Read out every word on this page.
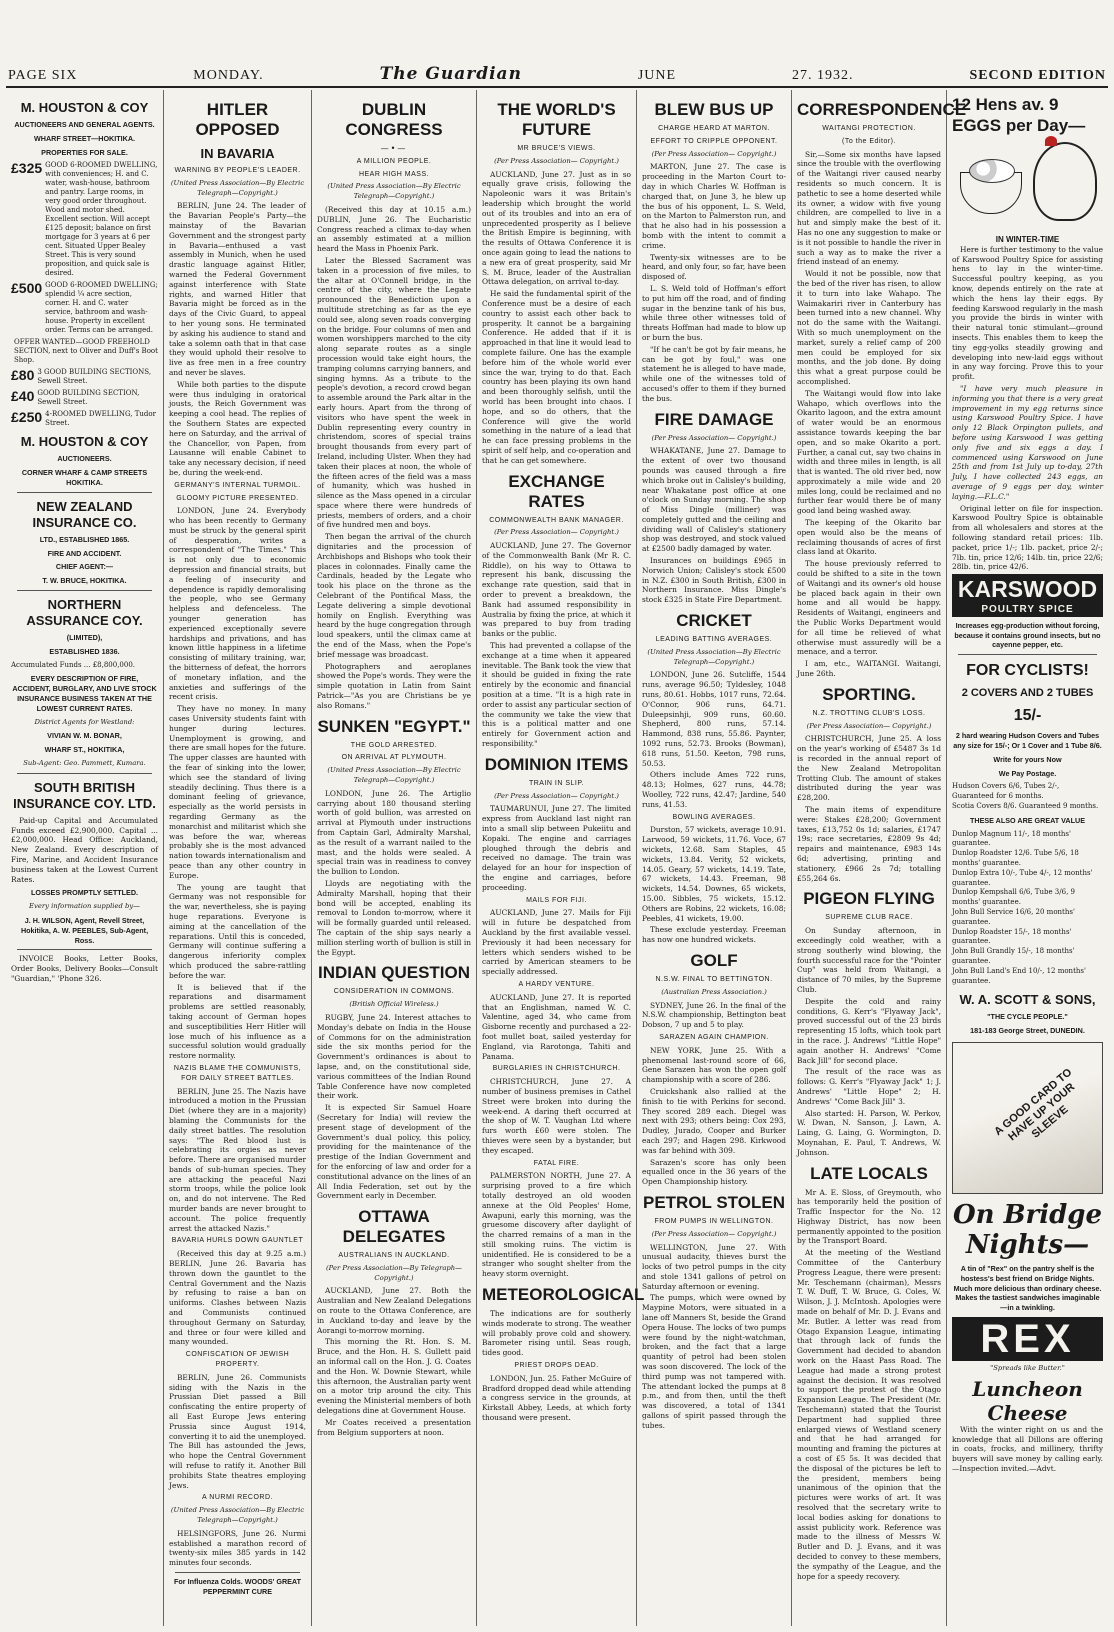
PAGE SIX	MONDAY.	The Guardian	JUNE	27. 1932.	SECOND EDITION
M. HOUSTON & COY
AUCTIONEERS AND GENERAL AGENTS.
WHARF STREET—HOKITIKA.
PROPERTIES FOR SALE.
£325 GOOD 6-ROOMED DWELLING, with conveniences; H. and C. water, wash-house, bathroom and pantry. Large rooms, in very good order throughout. Wood and motor shed. Excellent section. Will accept £125 deposit; balance on first mortgage for 3 years at 6 per cent. Situated Upper Bealey Street. This is very sound proposition, and quick sale is desired.
£500 GOOD 6-ROOMED DWELLING; splendid ¼ acre section, corner. H. and C. water service, bathroom and wash-house. Property in excellent order. Terms can be arranged.
OFFER WANTED—GOOD FREEHOLD SECTION, next to Oliver and Duff's Boot Shop.
£80 3 GOOD BUILDING SECTIONS, Sewell Street.
£40 GOOD BUILDING SECTION, Sewell Street.
£250 4-ROOMED DWELLING, Tudor Street.
M. HOUSTON & COY
AUCTIONEERS.
CORNER WHARF & CAMP STREETS HOKITIKA.
NEW ZEALAND INSURANCE CO.
LTD., ESTABLISHED 1865.
FIRE AND ACCIDENT.
CHIEF AGENT:—
T. W. BRUCE, HOKITIKA.
NORTHERN ASSURANCE COY.
(LIMITED),
ESTABLISHED 1836.
Accumulated Funds ... £8,800,000.
EVERY DESCRIPTION OF FIRE, ACCIDENT, BURGLARY, AND LIVE STOCK INSURANCE BUSINESS TAKEN AT THE LOWEST CURRENT RATES.
District Agents for Westland:
VIVIAN W. M. BONAR,
WHARF ST., HOKITIKA,
Sub-Agent: Geo. Pammett, Kumara.
SOUTH BRITISH INSURANCE COY. LTD.
Paid-up Capital and Accumulated Funds exceed £2,900,000. Capital ... £2,000,000. Head Office: Auckland, New Zealand. Every description of Fire, Marine, and Accident Insurance business taken at the Lowest Current Rates.
LOSSES PROMPTLY SETTLED.
Every information supplied by—
J. H. WILSON, Agent, Revell Street, Hokitika, A. W. PEEBLES, Sub-Agent, Ross.
INVOICE Books, Letter Books, Order Books, Delivery Books—Consult "Guardian," 'Phone 326.
HITLER OPPOSED
IN BAVARIA
WARNING BY PEOPLE'S LEADER.
(United Press Association—By Electric Telegraph—Copyright.)
BERLIN, June 24. The leader of the Bavarian People's Party—the mainstay of the Bavarian Government and the strongest party in Bavaria—enthused a vast assembly in Munich, when he used drastic language against Hitler, warned the Federal Government against interference with State rights, and warned Hitler that Bavaria might be forced as in the days of the Civic Guard, to appeal to her young sons. He terminated by asking his audience to stand and take a solemn oath that in that case they would uphold their resolve to live as free men in a free country and never be slaves.
While both parties to the dispute were thus indulging in oratorical jousts, the Reich Government was keeping a cool head. The replies of the Southern States are expected here on Saturday, and the arrival of the Chancellor, von Papen, from Lausanne will enable Cabinet to take any necessary decision, if need be, during the week-end.
GERMANY'S INTERNAL TURMOIL.
GLOOMY PICTURE PRESENTED.
LONDON, June 24. Everybody who has been recently to Germany must be struck by the general spirit of desperation, writes a correspondent of "The Times." This is not only due to economic depression and financial straits, but a feeling of insecurity and dependence is rapidly demoralising the people, who see Germany helpless and defenceless. The younger generation has experienced exceptionally severe hardships and privations, and has known little happiness in a lifetime consisting of military training, war, the bitterness of defeat, the horrors of monetary inflation, and the anxieties and sufferings of the recent crisis.
They have no money. In many cases University students faint with hunger during lectures. Unemployment is growing, and there are small hopes for the future. The upper classes are haunted with the fear of sinking into the lower, which see the standard of living steadily declining. Thus there is a dominant feeling of grievance, especially as the world persists in regarding Germany as the monarchist and militarist which she was before the war, whereas probably she is the most advanced nation towards internationalism and peace than any other country in Europe.
The young are taught that Germany was not responsible for the war, nevertheless, she is paying huge reparations. Everyone is aiming at the cancellation of the reparations. Until this is conceded, Germany will continue suffering a dangerous inferiority complex which produced the sabre-rattling before the war.
It is believed that if the reparations and disarmament problems are settled reasonably, taking account of German hopes and susceptibilities Herr Hitler will lose much of his influence as a successful solution would gradually restore normality.
NAZIS BLAME THE COMMUNISTS, FOR DAILY STREET BATTLES.
BERLIN, June 25. The Nazis have introduced a motion in the Prussian Diet (where they are in a majority) blaming the Communists for the daily street battles. The resolution says: "The Red blood lust is celebrating its orgies as never before. There are organised murder bands of sub-human species. They are attacking the peaceful Nazi storm troops, while the police look on, and do not intervene. The Red murder bands are never brought to account. The police frequently arrest the attacked Nazis."
BAVARIA HURLS DOWN GAUNTLET
(Received this day at 9.25 a.m.) BERLIN, June 26. Bavaria has thrown down the gauntlet to the Central Government and the Nazis by refusing to raise a ban on uniforms. Clashes between Nazis and Communists continued throughout Germany on Saturday, and three or four were killed and many wounded.
CONFISCATION OF JEWISH PROPERTY.
BERLIN, June 26. Communists siding with the Nazis in the Prussian Diet passed a Bill confiscating the entire property of all East Europe Jews entering Prussia since August 1914, converting it to aid the unemployed. The Bill has astounded the Jews, who hope the Central Government will refuse to ratify it. Another Bill prohibits State theatres employing Jews.
A NURMI RECORD.
(United Press Association—By Electric Telegraph—Copyright.)
HELSINGFORS, June 26. Nurmi established a marathon record of twenty-six miles 385 yards in 142 minutes four seconds.
For Influenza Colds. WOODS' GREAT PEPPERMINT CURE
DUBLIN CONGRESS
—•—
A MILLION PEOPLE.
HEAR HIGH MASS.
(United Press Association—By Electric Telegraph—Copyright.)
(Received this day at 10.15 a.m.) DUBLIN, June 26. The Eucharistic Congress reached a climax to-day when an assembly estimated at a million heard the Mass in Phoenix Park.
Later the Blessed Sacrament was taken in a procession of five miles, to the altar at O'Connell bridge, in the centre of the city, where the Legate pronounced the Benediction upon a multitude stretching as far as the eye could see, along seven roads converging on the bridge. Four columns of men and women worshippers marched to the city along separate routes as a single procession would take eight hours, the tramping columns carrying banners, and singing hymns. As a tribute to the people's devotion, a record crowd began to assemble around the Park altar in the early hours. Apart from the throng of visitors who have spent the week in Dublin representing every country in christendom, scores of special trains brought thousands from every part of Ireland, including Ulster. When they had taken their places at noon, the whole of the fifteen acres of the field was a mass of humanity, which was hushed in silence as the Mass opened in a circular space where there were hundreds of priests, members of orders, and a choir of five hundred men and boys.
Then began the arrival of the church dignitaries and the procession of Archbishops and Bishops who took their places in colonnades. Finally came the Cardinals, headed by the Legate who took his place on the throne as the Celebrant of the Pontifical Mass, the Legate delivering a simple devotional homily on English. Everything was heard by the huge congregation through loud speakers, until the climax came at the end of the Mass, when the Pope's brief message was broadcast.
Photographers and aeroplanes showed the Pope's words. They were the simple quotation in Latin from Saint Patrick—"As you are Christians be ye also Romans."
SUNKEN "EGYPT."
THE GOLD ARRESTED.
ON ARRIVAL AT PLYMOUTH.
(United Press Association—By Electric Telegraph—Copyright.)
LONDON, June 26. The Artiglio carrying about 180 thousand sterling worth of gold bullion, was arrested on arrival at Plymouth under instructions from Captain Garl, Admiralty Marshal, as the result of a warrant nailed to the mast, and the holds were sealed. A special train was in readiness to convey the bullion to London.
Lloyds are negotiating with the Admiralty Marshall, hoping that their bond will be accepted, enabling its removal to London to-morrow, where it will be formally guarded until released. The captain of the ship says nearly a million sterling worth of bullion is still in the Egypt.
INDIAN QUESTION
CONSIDERATION IN COMMONS.
(British Official Wireless.)
RUGBY, June 24. Interest attaches to Monday's debate on India in the House of Commons for on the administration side the six months period for the Government's ordinances is about to lapse, and, on the constitutional side, various committees of the Indian Round Table Conference have now completed their work.
It is expected Sir Samuel Hoare (Secretary for India) will review the present stage of development of the Government's dual policy, this policy, providing for the maintenance of the prestige of the Indian Government and for the enforcing of law and order for a constitutional advance on the lines of an All India Federation, set out by the Government early in December.
OTTAWA DELEGATES
AUSTRALIANS IN AUCKLAND.
(Per Press Association—By Telegraph—Copyright.)
AUCKLAND, June 27. Both the Australian and New Zealand Delegations on route to the Ottawa Conference, are in Auckland to-day and leave by the Aorangi to-morrow morning.
This morning the Rt. Hon. S. M. Bruce, and the Hon. H. S. Gullett paid an informal call on the Hon. J. G. Coates and the Hon. W. Downie Stewart, while this afternoon, the Australian party went on a motor trip around the city. This evening the Ministerial members of both delegations dine at Government House.
Mr Coates received a presentation from Belgium supporters at noon.
THE WORLD'S FUTURE
MR BRUCE'S VIEWS.
(Per Press Association— Copyright.)
AUCKLAND, June 27. Just as in so equally grave crisis, following the Napoleonic wars it was Britain's leadership which brought the world out of its troubles and into an era of unprecedented prosperity as I believe the British Empire is beginning, with the results of Ottawa Conference it is once again going to lead the nations to a new era of great prosperity, said Mr S. M. Bruce, leader of the Australian Ottawa delegation, on arrival to-day.
He said the fundamental spirit of the Conference must be a desire of each country to assist each other back to prosperity. It cannot be a bargaining Conference. He added that if it is approached in that line it would lead to complete failure. One has the example before him of the whole world ever since the war, trying to do that. Each country has been playing its own hand and been thoroughly selfish, until the world has been brought into chaos. I hope, and so do others, that the Conference will give the world something in the nature of a lead that he can face pressing problems in the spirit of self help, and co-operation and that he can get somewhere.
EXCHANGE RATES
COMMONWEALTH BANK MANAGER.
(Per Press Association— Copyright.)
AUCKLAND, June 27. The Governor of the Commonwealth Bank (Mr R. C. Riddle), on his way to Ottawa to represent his bank, discussing the exchange rate question, said that in order to prevent a breakdown, the Bank had assumed responsibility in Australia by fixing the price, at which it was prepared to buy from trading banks or the public.
This had prevented a collapse of the exchange at a time when it appeared inevitable. The Bank took the view that it should be guided in fixing the rate entirely by the economic and financial position at a time. "It is a high rate in order to assist any particular section of the community we take the view that this is a political matter and one entirely for Government action and responsibility."
DOMINION ITEMS
TRAIN IN SLIP.
(Per Press Association— Copyright.)
TAUMARUNUI, June 27. The limited express from Auckland last night ran into a small slip between Pukeiitu and Kopaki. The engine and carriages ploughed through the debris and received no damage. The train was delayed for an hour for inspection of the engine and carriages, before proceeding.
MAILS FOR FIJI.
AUCKLAND, June 27. Mails for Fiji will in future be despatched from Auckland by the first available vessel. Previously it had been necessary for letters which senders wished to be carried by American steamers to be specially addressed.
A HARDY VENTURE.
AUCKLAND, June 27. It is reported that an Englishman, named W. C. Valentine, aged 34, who came from Gisborne recently and purchased a 22-foot mullet boat, sailed yesterday for England, via Rarotonga, Tahiti and Panama.
BURGLARIES IN CHRISTCHURCH.
CHRISTCHURCH, June 27. A number of business premises in Cathel Street were broken into during the week-end. A daring theft occurred at the shop of W. T. Vaughan Ltd where furs worth £60 were stolen. The thieves were seen by a bystander, but they escaped.
FATAL FIRE.
PALMERSTON NORTH, June 27. A surprising proved to a fire which totally destroyed an old wooden annexe at the Old Peoples' Home, Awapuni, early this morning, was the gruesome discovery after daylight of the charred remains of a man in the still smoking ruins. The victim is unidentified. He is considered to be a stranger who sought shelter from the heavy storm overnight.
METEOROLOGICAL
The indications are for southerly winds moderate to strong. The weather will probably prove cold and showery. Barometer rising until. Seas rough, tides good.
PRIEST DROPS DEAD.
LONDON, Jun. 25. Father McGuire of Bradford dropped dead while attending a congress service in the grounds, at Kirkstall Abbey, Leeds, at which forty thousand were present.
BLEW BUS UP
CHARGE HEARD AT MARTON.
EFFORT TO CRIPPLE OPPONENT.
(Per Press Association— Copyright.)
MARTON, June 27. The case is proceeding in the Marton Court to-day in which Charles W. Hoffman is charged that, on June 3, he blew up the bus of his opponent, L. S. Weld, on the Marton to Palmerston run, and that he also had in his possession a bomb with the intent to commit a crime.
Twenty-six witnesses are to be heard, and only four, so far, have been disposed of.
L. S. Weld told of Hoffman's effort to put him off the road, and of finding sugar in the benzine tank of his bus, while three other witnesses told of threats Hoffman had made to blow up or burn the bus.
"If he can't be got by fair means, he can be got by foul," was one statement he is alleged to have made, while one of the witnesses told of accused's offer to them if they burned the bus.
FIRE DAMAGE
(Per Press Association— Copyright.)
WHAKATANE, June 27. Damage to the extent of over two thousand pounds was caused through a fire which broke out in Calisley's building, near Whakatane post office at one o'clock on Sunday morning. The shop of Miss Dingle (milliner) was completely gutted and the ceiling and dividing wall of Calisley's stationery shop was destroyed, and stock valued at £2500 badly damaged by water.
Insurances on buildings £965 in Norwich Union; Calisley's stock £500 in N.Z. £300 in South British, £300 in Northern Insurance. Miss Dingle's stock £325 in State Fire Department.
CRICKET
LEADING BATTING AVERAGES.
(United Press Association—By Electric Telegraph—Copyright.)
LONDON, June 26. Sutcliffe, 1544 runs, average 96.50; Tyldesley, 1048 runs, 80.61. Hobbs, 1017 runs, 72.64. O'Connor, 906 runs, 64.71. Duleepsinhji, 909 runs, 60.60. Shepherd, 800 runs, 57.14. Hammond, 838 runs, 55.86. Paynter, 1092 runs, 52.73. Brooks (Bowman), 618 runs, 51.50. Keeton, 798 runs, 50.53.
Others include Ames 722 runs, 48.13; Holmes, 627 runs, 44.78; Woolley, 722 runs, 42.47; Jardine, 540 runs, 41.53.
BOWLING AVERAGES.
Durston, 57 wickets, average 10.91. Larwood, 59 wickets, 11.76. Voce, 67 wickets, 12.68. Sam Staples, 45 wickets, 13.84. Verity, 52 wickets, 14.05. Geary, 57 wickets, 14.19. Tate, 67 wickets, 14.43. Freeman, 98 wickets, 14.54. Downes, 65 wickets, 15.00. Sibbles, 75 wickets, 15.12. Others are Robins, 22 wickets, 16.08; Peebles, 41 wickets, 19.00.
These exclude yesterday. Freeman has now one hundred wickets.
GOLF
N.S.W. FINAL TO BETTINGTON.
(Australian Press Association.)
SYDNEY, June 26. In the final of the N.S.W. championship, Bettington beat Dobson, 7 up and 5 to play.
SARAZEN AGAIN CHAMPION.
NEW YORK, June 25. With a phenomenal last-round score of 66, Gene Sarazen has won the open golf championship with a score of 286.
Cruickshank also rallied at the finish to tie with Perkins for second. They scored 289 each. Diegel was next with 293; others being: Cox 293, Dudley, Jurado, Cooper and Burker each 297; and Hagen 298. Kirkwood was far behind with 309.
Sarazen's score has only been equalled once in the 36 years of the Open Championship history.
PETROL STOLEN
FROM PUMPS IN WELLINGTON.
(Per Press Association— Copyright.)
WELLINGTON, June 27. With unusual audacity, thieves burst the locks of two petrol pumps in the city and stole 1341 gallons of petrol on Saturday afternoon or evening.
The pumps, which were owned by Maypine Motors, were situated in a lane off Manners St, beside the Grand Opera House. The locks of two pumps were found by the night-watchman, broken, and the fact that a large quantity of petrol had been stolen was soon discovered. The lock of the third pump was not tampered with. The attendant locked the pumps at 8 p.m., and from then, until the theft was discovered, a total of 1341 gallons of spirit passed through the tubes.
CORRESPONDENCE
WAITANGI PROTECTION.
(To the Editor).
Sir,—Some six months have lapsed since the trouble with the overflowing of the Waitangi river caused nearby residents so much concern. It is pathetic to see a home deserted while its owner, a widow with five young children, are compelled to live in a hut and simply make the best of it. Has no one any suggestion to make or is it not possible to handle the river in such a way as to make the river a friend instead of an enemy.
Would it not be possible, now that the bed of the river has risen, to allow it to turn into lake Wahapo. The Waimakariri river in Canterbury has been turned into a new channel. Why not do the same with the Waitangi. With so much unemployment on the market, surely a relief camp of 200 men could be employed for six months, and the job done. By doing this what a great purpose could be accomplished.
The Waitangi would flow into lake Wahapo, which overflows into the Okarito lagoon, and the extra amount of water would be an enormous assistance towards keeping the bar open, and so make Okarito a port. Further, a canal cut, say two chains in width and three miles in length, is all that is wanted. The old river bed, now approximately a mile wide and 20 miles long, could be reclaimed and no further fear would there be of many good land being washed away.
The keeping of the Okarito bar open would also be the means of reclaiming thousands of acres of first class land at Okarito.
The house previously referred to could be shifted to a site in the town of Waitangi and its owner's old house be placed back again in their own home and all would be happy. Residents of Waitangi, engineers and the Public Works Department would for all time be relieved of what otherwise must assuredly will be a menace, and a terror.
I am, etc., WAITANGI. Waitangi, June 26th.
SPORTING.
N.Z. TROTTING CLUB'S LOSS.
(Per Press Association— Copyright.)
CHRISTCHURCH, June 25. A loss on the year's working of £5487 3s 1d is recorded in the annual report of the New Zealand Metropolitan Trotting Club. The amount of stakes distributed during the year was £28,200.
The main items of expenditure were: Stakes £28,200; Government taxes, £13,752 0s 1d; salaries, £1747 19s; race secretaries, £2809 9s 4d; repairs and maintenance, £983 14s 6d; advertising, printing and stationery, £966 2s 7d; totalling £55,264 6s.
PIGEON FLYING
SUPREME CLUB RACE.
On Sunday afternoon, in exceedingly cold weather, with a strong southerly wind blowing, the fourth successful race for the "Pointer Cup" was held from Waitangi, a distance of 70 miles, by the Supreme Club.
Despite the cold and rainy conditions, G. Kerr's "Flyaway Jack", proved successful out of the 23 birds representing 15 lofts, which took part in the race. J. Andrews' "Little Hope" again another H. Andrews' "Come Back Jill" for second place.
The result of the race was as follows: G. Kerr's "Flyaway Jack" 1; J. Andrews' "Little Hope" 2; H. Andrews' "Come Back Jill" 3.
Also started: H. Parson, W. Perkov, W. Dwan, N. Sanson, J. Lawn, A. Laing, G. Laing, G. Wormington, D. Moynahan, E. Paul, T. Andrews, W. Johnson.
LATE LOCALS
Mr A. E. Sloss, of Greymouth, who has temporarily held the position of Traffic Inspector for the No. 12 Highway District, has now been permanently appointed to the position by the Transport Board.
At the meeting of the Westland Committee of the Canterbury Progress League, there were present: Mr. Teschemann (chairman), Messrs T. W. Duff, T. W. Bruce, G. Coles, W. Wilson, J. J. McIntosh. Apologies were made on behalf of Mr. D. J. Evans and Mr. Butler. A letter was read from Otago Expansion League, intimating that through lack of funds the Government had decided to abandon work on the Haast Pass Road. The League had made a strong protest against the decision. It was resolved to support the protest of the Otago Expansion League. The President (Mr. Teschemann) stated that the Tourist Department had supplied three enlarged views of Westland scenery and that he had arranged for mounting and framing the pictures at a cost of £5 5s. It was decided that the disposal of the pictures be left to the president, members being unanimous of the opinion that the pictures were works of art. It was resolved that the secretary write to local bodies asking for donations to assist publicity work. Reference was made to the illness of Messrs W. Butler and D. J. Evans, and it was decided to convey to these members, the sympathy of the League, and the hope for a speedy recovery.
12 Hens av. 9 EGGS per Day—
IN WINTER-TIME
Here is further testimony to the value of Karswood Poultry Spice for assisting hens to lay in the winter-time. Successful poultry keeping, as you know, depends entirely on the rate at which the hens lay their eggs. By feeding Karswood regularly in the mash you provide the birds in winter with their natural tonic stimulant—ground insects. This enables them to keep the tiny egg-yolks steadily growing and developing into new-laid eggs without in any way forcing. Prove this to your profit.
"I have very much pleasure in informing you that there is a very great improvement in my egg returns since using Karswood Poultry Spice. I have only 12 Black Orpington pullets, and before using Karswood I was getting only five and six eggs a day. I commenced using Karswood on June 25th and from 1st July up to-day, 27th July, I have collected 243 eggs, an average of 9 eggs per day, winter laying.—F.L.C."
Original letter on file for inspection. Karswood Poultry Spice is obtainable from all wholesalers and stores at the following standard retail prices: 1lb. packet, price 1/-; 1lb. packet, price 2/-; 7lb. tin, price 12/6; 14lb. tin, price 22/6; 28lb. tin, price 42/6.
KARSWOOD
POULTRY SPICE
Increases egg-production without forcing, because it contains ground insects, but no cayenne pepper, etc.
FOR CYCLISTS!
2 COVERS AND 2 TUBES
15/-
2 hard wearing Hudson Covers and Tubes any size for 15/-; Or 1 Cover and 1 Tube 8/6.
Write for yours Now
We Pay Postage.
Hudson Covers 6/6, Tubes 2/-, Guaranteed for 6 months.
Scotia Covers 8/6. Guaranteed 9 months.
THESE ALSO ARE GREAT VALUE
Dunlop Magnum 11/-, 18 months' guarantee.
Dunlop Roadster 12/6. Tube 5/6, 18 months' guarantee.
Dunlop Extra 10/-, Tube 4/-, 12 months' guarantee.
Dunlop Kempshall 6/6, Tube 3/6, 9 months' guarantee.
John Bull Service 16/6, 20 months' guarantee.
Dunlop Roadster 15/-, 18 months' guarantee.
John Bull Grandly 15/-, 18 months' guarantee.
John Bull Land's End 10/-, 12 months' guarantee.
W. A. SCOTT & SONS,
"THE CYCLE PEOPLE."
181-183 George Street, DUNEDIN.
A GOOD CARD TO HAVE UP YOUR SLEEVE
On Bridge Nights—
A tin of "Rex" on the pantry shelf is the hostess's best friend on Bridge Nights. Much more delicious than ordinary cheese. Makes the tastiest sandwiches imaginable—in a twinkling.
REX
"Spreads like Butter."
Luncheon Cheese
With the winter right on us and the knowledge that all Dillons are offering in coats, frocks, and millinery, thrifty buyers will save money by calling early.—Inspection invited.—Advt.
